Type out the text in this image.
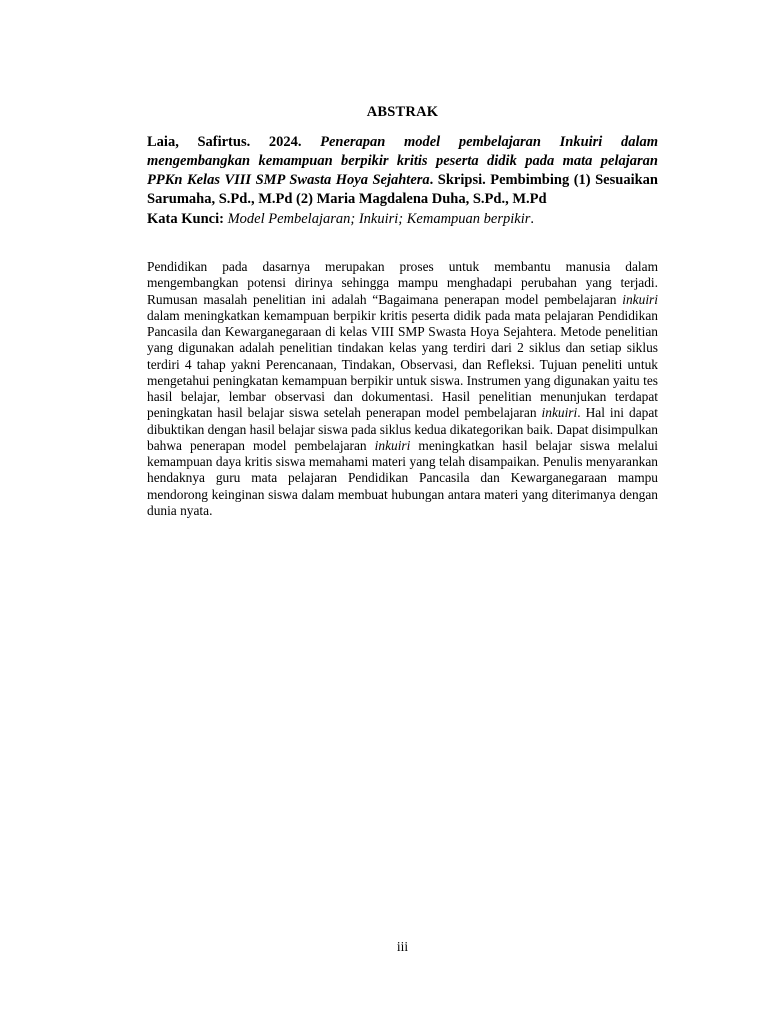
ABSTRAK

Laia, Safirtus. 2024. Penerapan model pembelajaran Inkuiri dalam mengembangkan kemampuan berpikir kritis peserta didik pada mata pelajaran PPKn Kelas VIII SMP Swasta Hoya Sejahtera. Skripsi. Pembimbing (1) Sesuaikan Sarumaha, S.Pd., M.Pd (2) Maria Magdalena Duha, S.Pd., M.Pd

Kata Kunci: Model Pembelajaran; Inkuiri; Kemampuan berpikir.

Pendidikan pada dasarnya merupakan proses untuk membantu manusia dalam mengembangkan potensi dirinya sehingga mampu menghadapi perubahan yang terjadi. Rumusan masalah penelitian ini adalah “Bagaimana penerapan model pembelajaran inkuiri dalam meningkatkan kemampuan berpikir kritis peserta didik pada mata pelajaran Pendidikan Pancasila dan Kewarganegaraan di kelas VIII SMP Swasta Hoya Sejahtera. Metode penelitian yang digunakan adalah penelitian tindakan kelas yang terdiri dari 2 siklus dan setiap siklus terdiri 4 tahap yakni Perencanaan, Tindakan, Observasi, dan Refleksi. Tujuan peneliti untuk mengetahui peningkatan kemampuan berpikir untuk siswa. Instrumen yang digunakan yaitu tes hasil belajar, lembar observasi dan dokumentasi. Hasil penelitian menunjukan terdapat peningkatan hasil belajar siswa setelah penerapan model pembelajaran inkuiri. Hal ini dapat dibuktikan dengan hasil belajar siswa pada siklus kedua dikategorikan baik. Dapat disimpulkan bahwa penerapan model pembelajaran inkuiri meningkatkan hasil belajar siswa melalui kemampuan daya kritis siswa memahami materi yang telah disampaikan. Penulis menyarankan hendaknya guru mata pelajaran Pendidikan Pancasila dan Kewarganegaraan mampu mendorong keinginan siswa dalam membuat hubungan antara materi yang diterimanya dengan dunia nyata.

iii
